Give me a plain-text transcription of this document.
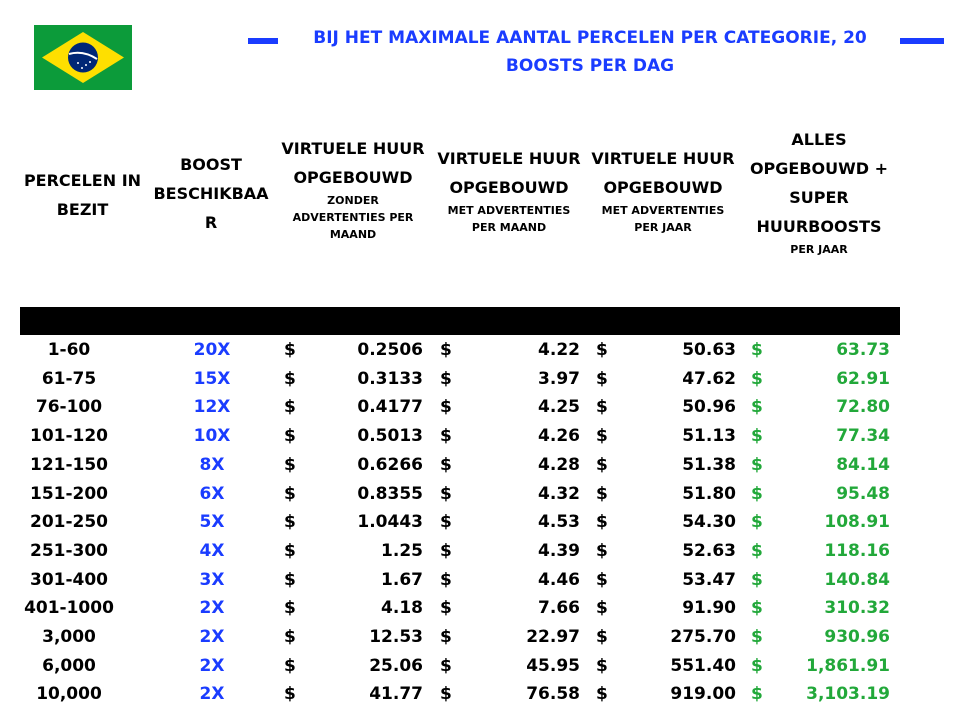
BIJ HET MAXIMALE AANTAL PERCELEN PER CATEGORIE, 20 BOOSTS PER DAG
PERCELEN IN BEZIT
BOOST
BESCHIKBAA
R
VIRTUELE HUUR
OPGEBOUWD
ZONDER
ADVERTENTIES PER
MAAND
VIRTUELE HUUR
OPGEBOUWD
MET ADVERTENTIES
PER MAAND
VIRTUELE HUUR
OPGEBOUWD
MET ADVERTENTIES
PER JAAR
ALLES
OPGEBOUWD +
SUPER
HUURBOOSTS
PER JAAR
1-60	20X	$	0.2506 $	4.22 $	50.63 $	63.73
61-75	15X	$	0.3133 $	3.97 $	47.62 $	62.91
76-100	12X	$	0.4177 $	4.25 $	50.96 $	72.80
101-120	10X	$	0.5013 $	4.26 $	51.13 $	77.34
121-150	8X	$	0.6266 $	4.28 $	51.38 $	84.14
151-200	6X	$	0.8355 $	4.32 $	51.80 $	95.48
201-250	5X	$	1.0443 $	4.53 $	54.30 $	108.91
251-300	4X	$	1.25 $	4.39 $	52.63 $	118.16
301-400	3X	$	1.67 $	4.46 $	53.47 $	140.84
401-1000	2X	$	4.18 $	7.66 $	91.90 $	310.32
3,000	2X	$	12.53 $	22.97 $	275.70 $	930.96
6,000	2X	$	25.06 $	45.95 $	551.40 $	1,861.91
10,000	2X	$	41.77 $	76.58 $	919.00 $	3,103.19
